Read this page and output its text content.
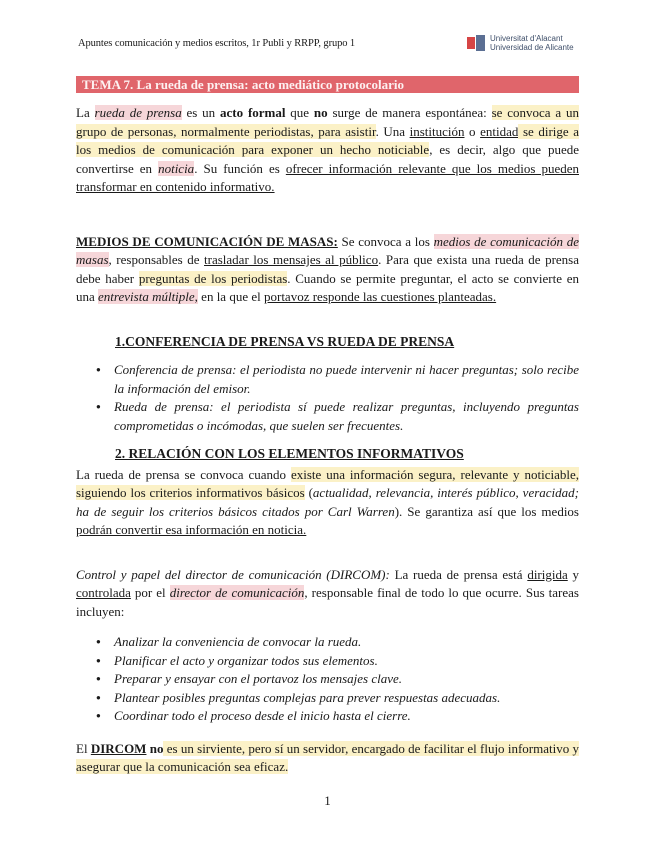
Apuntes comunicación y medios escritos, 1r Publi y RRPP, grupo 1	Universitat d'Alacant
Universidad de Alicante
TEMA 7. La rueda de prensa: acto mediático protocolario

La rueda de prensa es un acto formal que no surge de manera espontánea: se convoca a un grupo de personas, normalmente periodistas, para asistir. Una institución o entidad se dirige a los medios de comunicación para exponer un hecho noticiable, es decir, algo que puede convertirse en noticia. Su función es ofrecer información relevante que los medios pueden transformar en contenido informativo.

MEDIOS DE COMUNICACIÓN DE MASAS: Se convoca a los medios de comunicación de masas, responsables de trasladar los mensajes al público. Para que exista una rueda de prensa debe haber preguntas de los periodistas. Cuando se permite preguntar, el acto se convierte en una entrevista múltiple, en la que el portavoz responde las cuestiones planteadas.

1.CONFERENCIA DE PRENSA VS RUEDA DE PRENSA
● Conferencia de prensa: el periodista no puede intervenir ni hacer preguntas; solo recibe la información del emisor.
● Rueda de prensa: el periodista sí puede realizar preguntas, incluyendo preguntas comprometidas o incómodas, que suelen ser frecuentes.
2. RELACIÓN CON LOS ELEMENTOS INFORMATIVOS

La rueda de prensa se convoca cuando existe una información segura, relevante y noticiable, siguiendo los criterios informativos básicos (actualidad, relevancia, interés público, veracidad; ha de seguir los criterios básicos citados por Carl Warren). Se garantiza así que los medios podrán convertir esa información en noticia.

Control y papel del director de comunicación (DIRCOM): La rueda de prensa está dirigida y controlada por el director de comunicación, responsable final de todo lo que ocurre. Sus tareas incluyen:

● Analizar la conveniencia de convocar la rueda.
● Planificar el acto y organizar todos sus elementos.
● Preparar y ensayar con el portavoz los mensajes clave.
● Plantear posibles preguntas complejas para prever respuestas adecuadas.
● Coordinar todo el proceso desde el inicio hasta el cierre.

El DIRCOM no es un sirviente, pero sí un servidor, encargado de facilitar el flujo informativo y asegurar que la comunicación sea eficaz.

1
